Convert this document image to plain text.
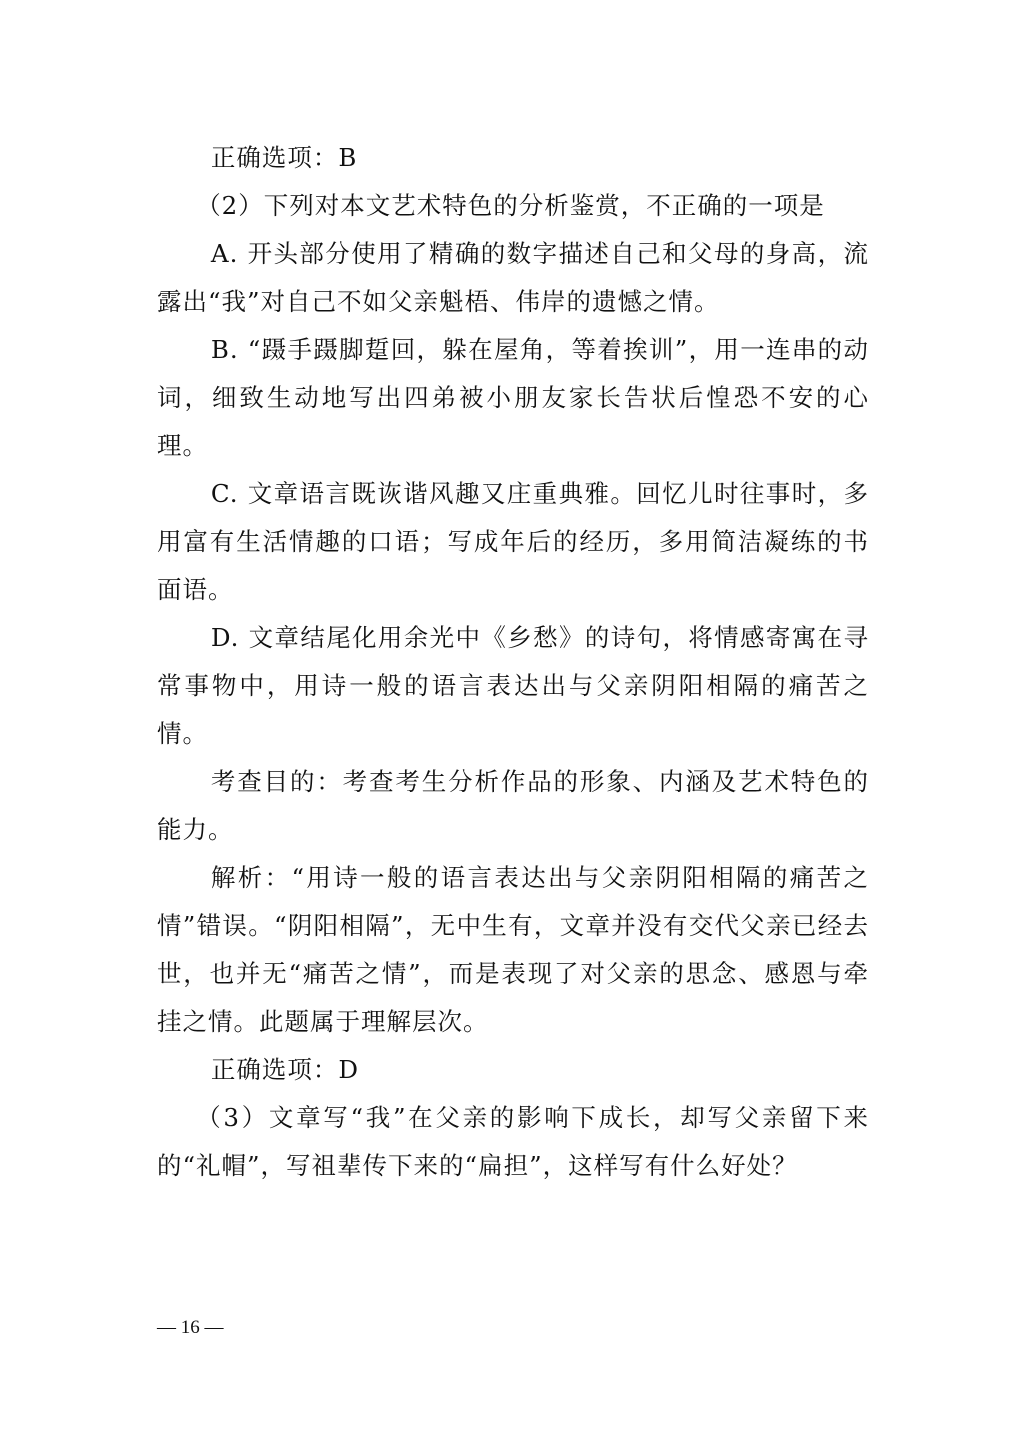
正确选项：B

（2）下列对本文艺术特色的分析鉴赏，不正确的一项是

A. 开头部分使用了精确的数字描述自己和父母的身高，流露出“我”对自己不如父亲魁梧、伟岸的遗憾之情。

B. “蹑手蹑脚踅回，躲在屋角，等着挨训”，用一连串的动词，细致生动地写出四弟被小朋友家长告状后惶恐不安的心理。

C. 文章语言既诙谐风趣又庄重典雅。回忆儿时往事时，多用富有生活情趣的口语；写成年后的经历，多用简洁凝练的书面语。

D. 文章结尾化用余光中《乡愁》的诗句，将情感寄寓在寻常事物中，用诗一般的语言表达出与父亲阴阳相隔的痛苦之情。

考查目的：考查考生分析作品的形象、内涵及艺术特色的能力。

解析：“用诗一般的语言表达出与父亲阴阳相隔的痛苦之情”错误。“阴阳相隔”，无中生有，文章并没有交代父亲已经去世，也并无“痛苦之情”，而是表现了对父亲的思念、感恩与牵挂之情。此题属于理解层次。

正确选项：D

（3）文章写“我”在父亲的影响下成长，却写父亲留下来的“礼帽”，写祖辈传下来的“扁担”，这样写有什么好处？

— 16 —
